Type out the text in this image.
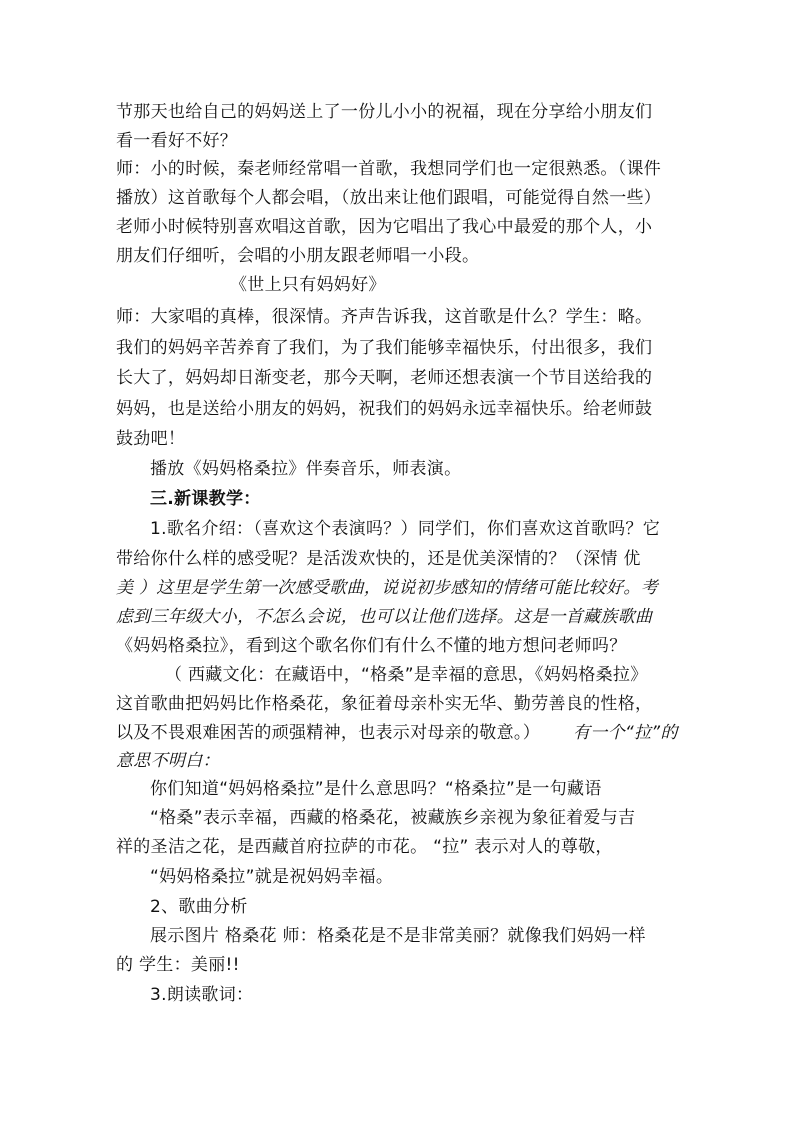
节那天也给自己的妈妈送上了一份儿小小的祝福，现在分享给小朋友们
看一看好不好？
师：小的时候，秦老师经常唱一首歌，我想同学们也一定很熟悉。（课件
播放）这首歌每个人都会唱，（放出来让他们跟唱，可能觉得自然一些）
老师小时候特别喜欢唱这首歌，因为它唱出了我心中最爱的那个人，小
朋友们仔细听，会唱的小朋友跟老师唱一小段。
《世上只有妈妈好》
师：大家唱的真棒，很深情。齐声告诉我，这首歌是什么？学生：略。
我们的妈妈辛苦养育了我们，为了我们能够幸福快乐，付出很多，我们
长大了，妈妈却日渐变老，那今天啊，老师还想表演一个节目送给我的
妈妈，也是送给小朋友的妈妈，祝我们的妈妈永远幸福快乐。给老师鼓
鼓劲吧！
播放《妈妈格桑拉》伴奏音乐，师表演。
三.新课教学：
1.歌名介绍：（喜欢这个表演吗？）同学们，你们喜欢这首歌吗？它
带给你什么样的感受呢？是活泼欢快的，还是优美深情的？（深情 优
美 ）这里是学生第一次感受歌曲，说说初步感知的情绪可能比较好。考
虑到三年级大小，不怎么会说，也可以让他们选择。这是一首藏族歌曲
《妈妈格桑拉》，看到这个歌名你们有什么不懂的地方想问老师吗？
（ 西藏文化：在藏语中，“格桑”是幸福的意思，《妈妈格桑拉》
这首歌曲把妈妈比作格桑花，象征着母亲朴实无华、勤劳善良的性格，
以及不畏艰难困苦的顽强精神，也表示对母亲的敬意。） 有一个“拉”的
意思不明白：
你们知道“妈妈格桑拉”是什么意思吗？“格桑拉”是一句藏语
“格桑”表示幸福，西藏的格桑花，被藏族乡亲视为象征着爱与吉
祥的圣洁之花，是西藏首府拉萨的市花。 “拉” 表示对人的尊敬，
“妈妈格桑拉”就是祝妈妈幸福。
2、歌曲分析
展示图片 格桑花 师：格桑花是不是非常美丽？就像我们妈妈一样
的 学生：美丽!!
3.朗读歌词：
